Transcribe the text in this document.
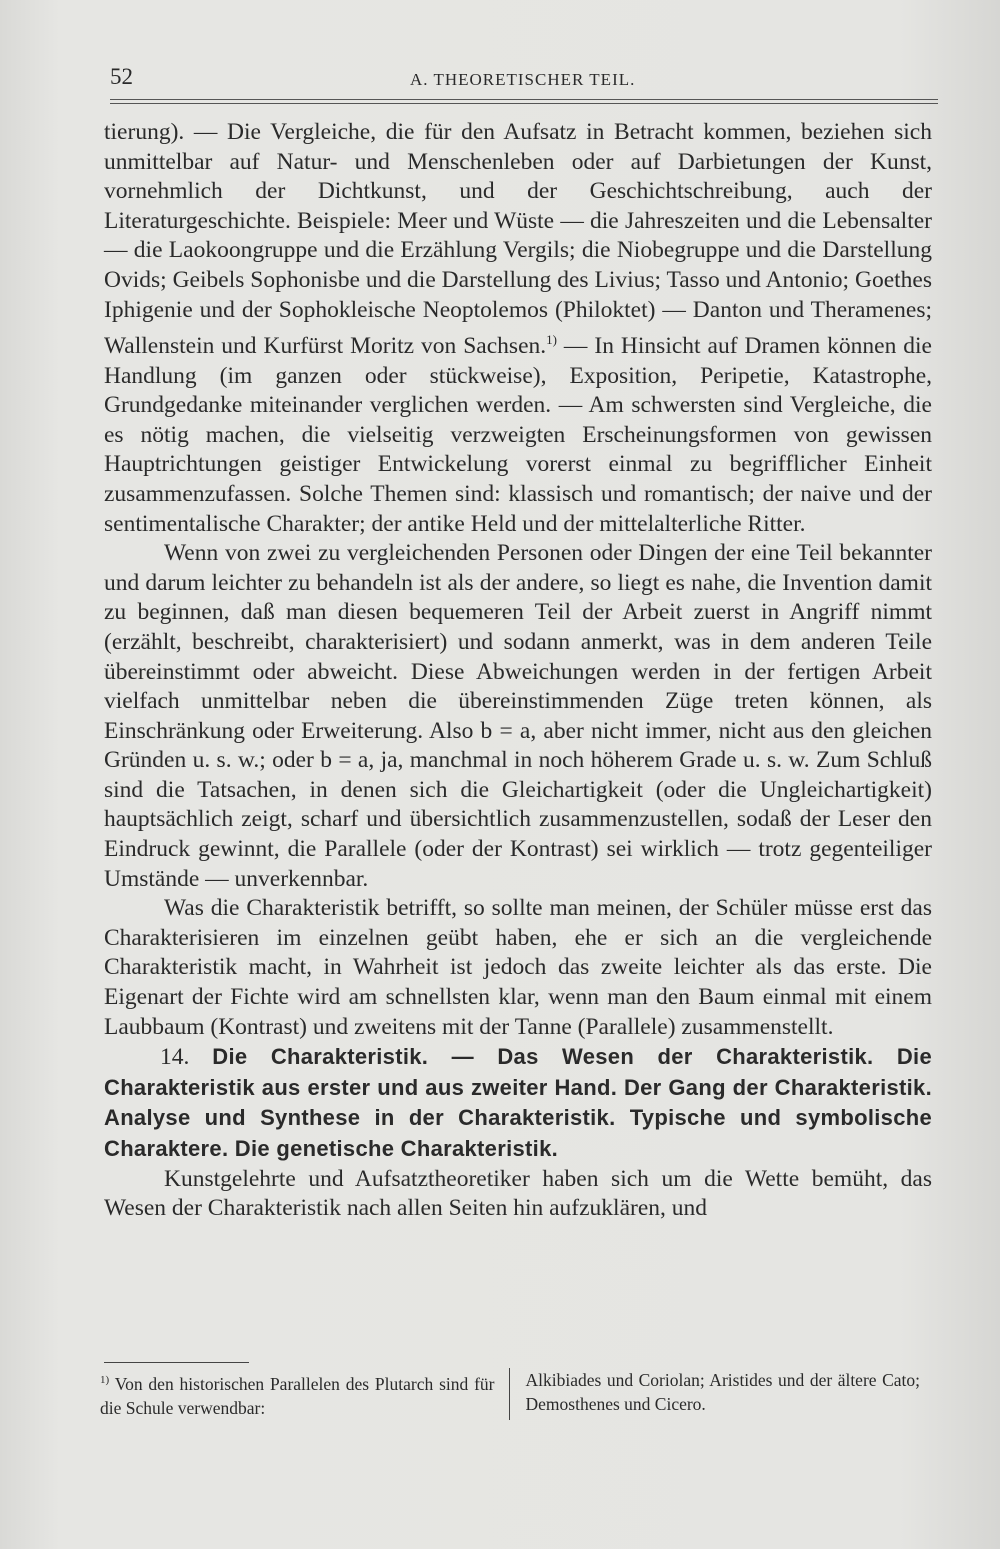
52	A. THEORETISCHER TEIL.

tierung). — Die Vergleiche, die für den Aufsatz in Betracht kommen, beziehen sich unmittelbar auf Natur- und Menschenleben oder auf Darbietungen der Kunst, vornehmlich der Dichtkunst, und der Geschichtschreibung, auch der Literaturgeschichte. Beispiele: Meer und Wüste — die Jahreszeiten und die Lebensalter — die Laokoongruppe und die Erzählung Vergils; die Niobegruppe und die Darstellung Ovids; Geibels Sophonisbe und die Darstellung des Livius; Tasso und Antonio; Goethes Iphigenie und der Sophokleische Neoptolemos (Philoktet) — Danton und Theramenes; Wallenstein und Kurfürst Moritz von Sachsen.$^{1)}$ — In Hinsicht auf Dramen können die Handlung (im ganzen oder stückweise), Exposition, Peripetie, Katastrophe, Grundgedanke miteinander verglichen werden. — Am schwersten sind Vergleiche, die es nötig machen, die vielseitig verzweigten Erscheinungsformen von gewissen Hauptrichtungen geistiger Entwickelung vorerst einmal zu begrifflicher Einheit zusammenzufassen. Solche Themen sind: klassisch und romantisch; der naive und der sentimentalische Charakter; der antike Held und der mittelalterliche Ritter.

Wenn von zwei zu vergleichenden Personen oder Dingen der eine Teil bekannter und darum leichter zu behandeln ist als der andere, so liegt es nahe, die Invention damit zu beginnen, daß man diesen bequemeren Teil der Arbeit zuerst in Angriff nimmt (erzählt, beschreibt, charakterisiert) und sodann anmerkt, was in dem anderen Teile übereinstimmt oder abweicht. Diese Abweichungen werden in der fertigen Arbeit vielfach unmittelbar neben die übereinstimmenden Züge treten können, als Einschränkung oder Erweiterung. Also b = a, aber nicht immer, nicht aus den gleichen Gründen u. s. w.; oder b = a, ja, manchmal in noch höherem Grade u. s. w. Zum Schluß sind die Tatsachen, in denen sich die Gleichartigkeit (oder die Ungleichartigkeit) hauptsächlich zeigt, scharf und übersichtlich zusammenzustellen, sodaß der Leser den Eindruck gewinnt, die Parallele (oder der Kontrast) sei wirklich — trotz gegenteiliger Umstände — unverkennbar.

Was die Charakteristik betrifft, so sollte man meinen, der Schüler müsse erst das Charakterisieren im einzelnen geübt haben, ehe er sich an die vergleichende Charakteristik macht, in Wahrheit ist jedoch das zweite leichter als das erste. Die Eigenart der Fichte wird am schnellsten klar, wenn man den Baum einmal mit einem Laubbaum (Kontrast) und zweitens mit der Tanne (Parallele) zusammenstellt.

14. Die Charakteristik. — Das Wesen der Charakteristik. Die Charakteristik aus erster und aus zweiter Hand. Der Gang der Charakteristik. Analyse und Synthese in der Charakteristik. Typische und symbolische Charaktere. Die genetische Charakteristik.

Kunstgelehrte und Aufsatztheoretiker haben sich um die Wette bemüht, das Wesen der Charakteristik nach allen Seiten hin aufzuklären, und

$^{1)}$ Von den historischen Parallelen des Plutarch sind für die Schule verwendbar:
Alkibiades und Coriolan; Aristides und der ältere Cato; Demosthenes und Cicero.
